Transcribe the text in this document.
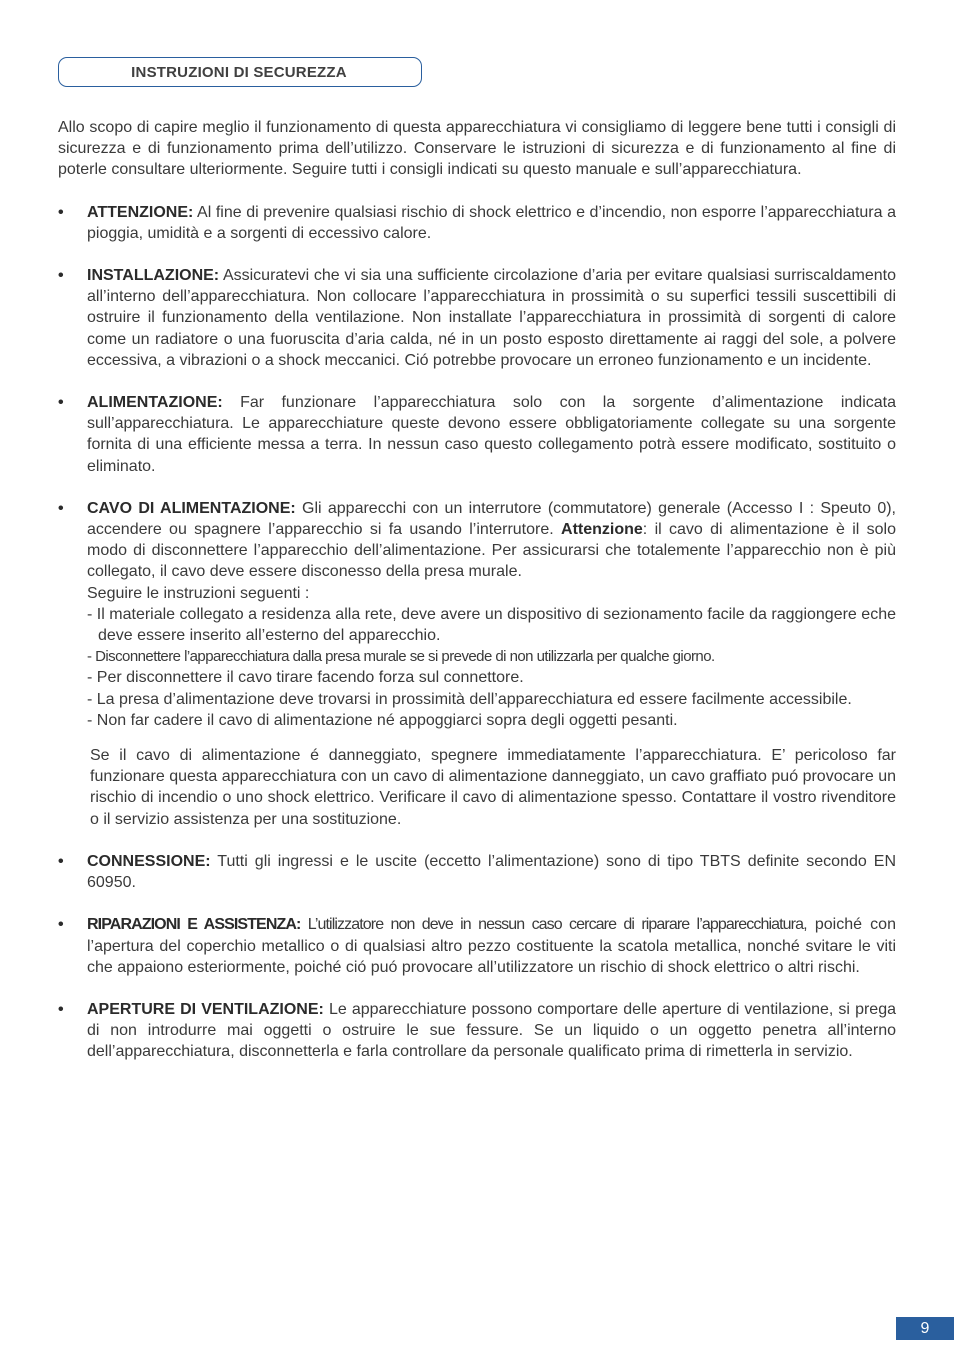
INSTRUZIONI DI SECUREZZA

Allo scopo di capire meglio il funzionamento di questa apparecchiatura vi consigliamo di leggere bene tutti i consigli di sicurezza e di funzionamento prima dell’utilizzo. Conservare le istruzioni di sicurezza e di funzionamento al fine di poterle consultare ulteriormente. Seguire tutti i consigli indicati su questo manuale e sull’apparecchiatura.

• ATTENZIONE: Al fine di prevenire qualsiasi rischio di shock elettrico e d’incendio, non esporre l’apparecchiatura a pioggia, umidità e a sorgenti di eccessivo calore.

• INSTALLAZIONE: Assicuratevi che vi sia una sufficiente circolazione d’aria per evitare qualsiasi surriscaldamento all’interno dell’apparecchiatura. Non collocare l’apparecchiatura in prossimità o su superfici tessili suscettibili di ostruire il funzionamento della ventilazione. Non installate l’apparecchiatura in prossimità di sorgenti di calore come un radiatore o una fuoruscita d’aria calda, né in un posto esposto direttamente ai raggi del sole, a polvere eccessiva, a vibrazioni o a shock meccanici. Ció potrebbe provocare un erroneo funzionamento e un incidente.

• ALIMENTAZIONE: Far funzionare l’apparecchiatura solo con la sorgente d’alimentazione indicata sull’apparecchiatura. Le apparecchiature queste devono essere obbligatoriamente collegate su una sorgente fornita di una efficiente messa a terra. In nessun caso questo collegamento potrà essere modificato, sostituito o eliminato.

• CAVO DI ALIMENTAZIONE: Gli apparecchi con un interrutore (commutatore) generale (Accesso I : Speuto 0), accendere ou spagnere l’apparecchio si fa usando l’interrutore. Attenzione: il cavo di alimentazione è il solo modo di disconnettere l’apparecchio dell’alimentazione. Per assicurarsi che totalemente l’apparecchio non è più collegato, il cavo deve essere disconesso della presa murale.

Seguire le instruzioni seguenti :

- Il materiale collegato a residenza alla rete, deve avere un dispositivo di sezionamento facile da raggiongere eche deve essere inserito all’esterno del apparecchio.

- Disconnettere l’apparecchiatura dalla presa murale se si prevede di non utilizzarla per qualche giorno.

- Per disconnettere il cavo tirare facendo forza sul connettore.

- La presa d’alimentazione deve trovarsi in prossimità dell’apparecchiatura ed essere facilmente accessibile.

- Non far cadere il cavo di alimentazione né appoggiarci sopra degli oggetti pesanti.

Se il cavo di alimentazione é danneggiato, spegnere immediatamente l’apparecchiatura. E’ pericoloso far funzionare questa apparecchiatura con un cavo di alimentazione danneggiato, un cavo graffiato puó provocare un rischio di incendio o uno shock elettrico. Verificare il cavo di alimentazione spesso. Contattare il vostro rivenditore o il servizio assistenza per una sostituzione.

• CONNESSIONE: Tutti gli ingressi e le uscite (eccetto l’alimentazione) sono di tipo TBTS definite secondo EN 60950.

• RIPARAZIONI E ASSISTENZA: L’utilizzatore non deve in nessun caso cercare di riparare l’apparecchiatura, poiché con l’apertura del coperchio metallico o di qualsiasi altro pezzo costituente la scatola metallica, nonché svitare le viti che appaiono esteriormente, poiché ció puó provocare all’utilizzatore un rischio di shock elettrico o altri rischi.

• APERTURE DI VENTILAZIONE: Le apparecchiature possono comportare delle aperture di ventilazione, si prega di non introdurre mai oggetti o ostruire le sue fessure. Se un liquido o un oggetto penetra all’interno dell’apparecchiatura, disconnetterla e farla controllare da personale qualificato prima di rimetterla in servizio.

9
